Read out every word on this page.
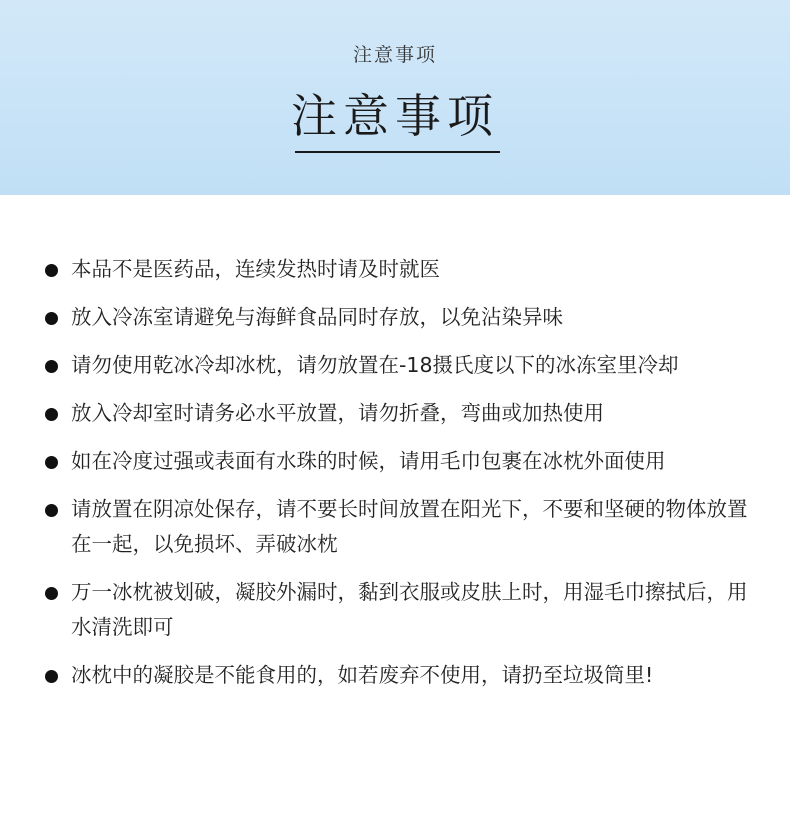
注意事项
注意事项
本品不是医药品，连续发热时请及时就医
放入冷冻室请避免与海鲜食品同时存放，以免沾染异味
请勿使用乾冰冷却冰枕，请勿放置在-18摄氏度以下的冰冻室里冷却
放入冷却室时请务必水平放置，请勿折叠，弯曲或加热使用
如在冷度过强或表面有水珠的时候，请用毛巾包裹在冰枕外面使用
请放置在阴凉处保存，请不要长时间放置在阳光下，不要和坚硬的物体放置在一起，以免损坏、弄破冰枕
万一冰枕被划破，凝胶外漏时，黏到衣服或皮肤上时，用湿毛巾擦拭后，用水清洗即可
冰枕中的凝胶是不能食用的，如若废弃不使用，请扔至垃圾筒里!
